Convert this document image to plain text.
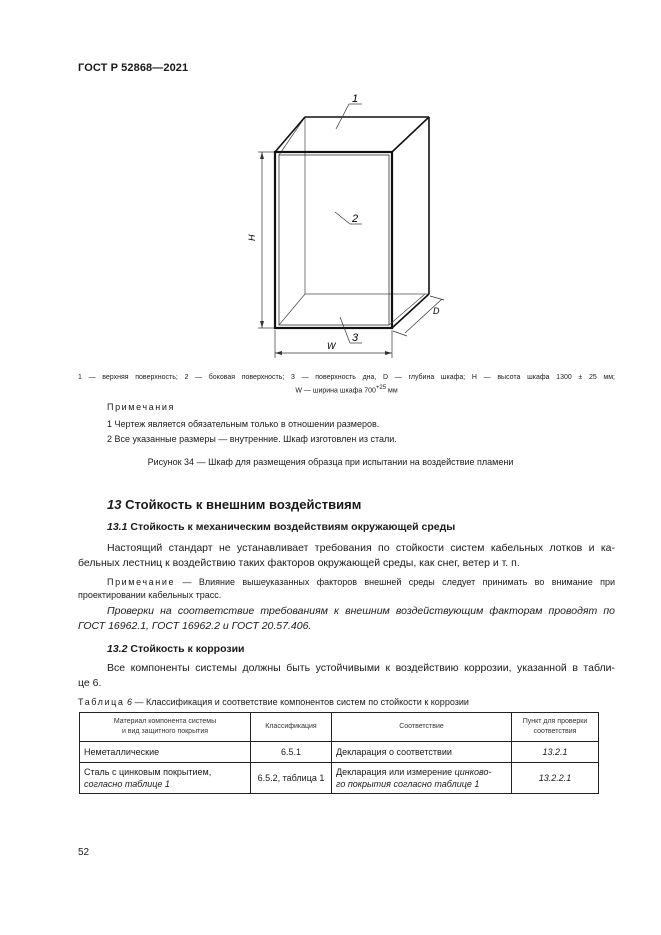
ГОСТ Р 52868—2021
H
W
D
1
2
3
1 — верхняя поверхность; 2 — боковая поверхность; 3 — поверхность дна, D — глубина шкафа; H — высота шкафа 1300 ± 25 мм;
W — ширина шкафа $700^{+25}$ мм
Примечания
1 Чертеж является обязательным только в отношении размеров.
2 Все указанные размеры — внутренние. Шкаф изготовлен из стали.
Рисунок 34 — Шкаф для размещения образца при испытании на воздействие пламени
13 Стойкость к внешним воздействиям
13.1 Стойкость к механическим воздействиям окружающей среды
Настоящий стандарт не устанавливает требования по стойкости систем кабельных лотков и ка-
бельных лестниц к воздействию таких факторов окружающей среды, как снег, ветер и т. п.
Примечание — Влияние вышеуказанных факторов внешней среды следует принимать во внимание при
проектировании кабельных трасс.
Проверки на соответствие требованиям к внешним воздействующим факторам проводят по
ГОСТ 16962.1, ГОСТ 16962.2 и ГОСТ 20.57.406.
13.2 Стойкость к коррозии
Все компоненты системы должны быть устойчивыми к воздействию коррозии, указанной в табли-
це 6.
Таблица 6 — Классификация и соответствие компонентов систем по стойкости к коррозии
Материал компонента системы
и вид защитного покрытия	Классификация	Соответствие	Пункт для проверки
соответствия
Неметаллические	6.5.1	Декларация о соответствии	13.2.1
Сталь с цинковым покрытием,
согласно таблице 1	6.5.2, таблица 1	Декларация или измерение цинково-
го покрытия согласно таблице 1	13.2.2.1
52
